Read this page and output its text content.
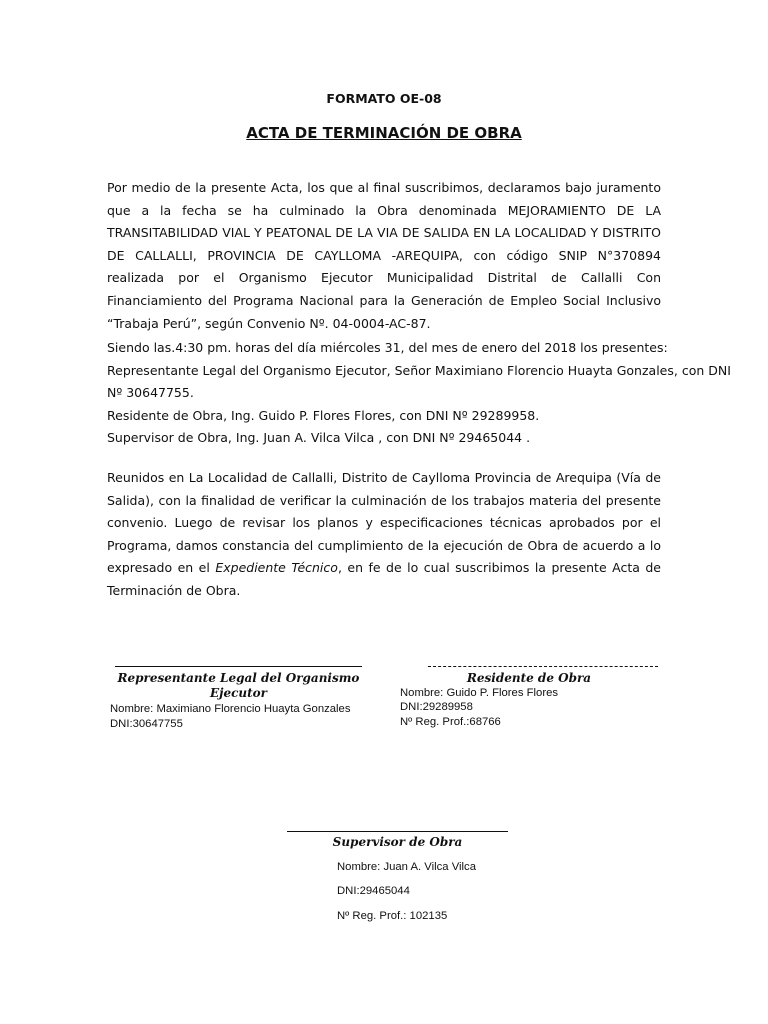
FORMATO OE-08
ACTA DE TERMINACIÓN DE OBRA

Por medio de la presente Acta, los que al final suscribimos, declaramos bajo juramento que a la fecha se ha culminado la Obra denominada MEJORAMIENTO DE LA TRANSITABILIDAD VIAL Y PEATONAL DE LA VIA DE SALIDA EN LA LOCALIDAD Y DISTRITO DE CALLALLI, PROVINCIA DE CAYLLOMA -AREQUIPA, con código SNIP N°370894 realizada por el Organismo Ejecutor Municipalidad Distrital de Callalli Con Financiamiento del Programa Nacional para la Generación de Empleo Social Inclusivo “Trabaja Perú”, según Convenio Nº. 04-0004-AC-87.

Siendo las.4:30 pm. horas del día miércoles 31, del mes de enero del 2018 los presentes:
Representante Legal del Organismo Ejecutor, Señor Maximiano Florencio Huayta Gonzales, con DNI
Nº 30647755.
Residente de Obra, Ing. Guido P. Flores Flores, con DNI Nº 29289958.
Supervisor de Obra, Ing. Juan A. Vilca Vilca , con DNI Nº 29465044 .

Reunidos en La Localidad de Callalli, Distrito de Caylloma Provincia de Arequipa (Vía de Salida), con la finalidad de verificar la culminación de los trabajos materia del presente convenio. Luego de revisar los planos y especificaciones técnicas aprobados por el Programa, damos constancia del cumplimiento de la ejecución de Obra de acuerdo a lo expresado en el Expediente Técnico, en fe de lo cual suscribimos la presente Acta de Terminación de Obra.

Representante Legal del Organismo Ejecutor
Nombre: Maximiano Florencio Huayta Gonzales
DNI:30647755
Residente de Obra
Nombre: Guido P. Flores Flores
DNI:29289958
Nº Reg. Prof.:68766
Supervisor de Obra
Nombre: Juan A. Vilca Vilca
DNI:29465044
Nº Reg. Prof.: 102135
